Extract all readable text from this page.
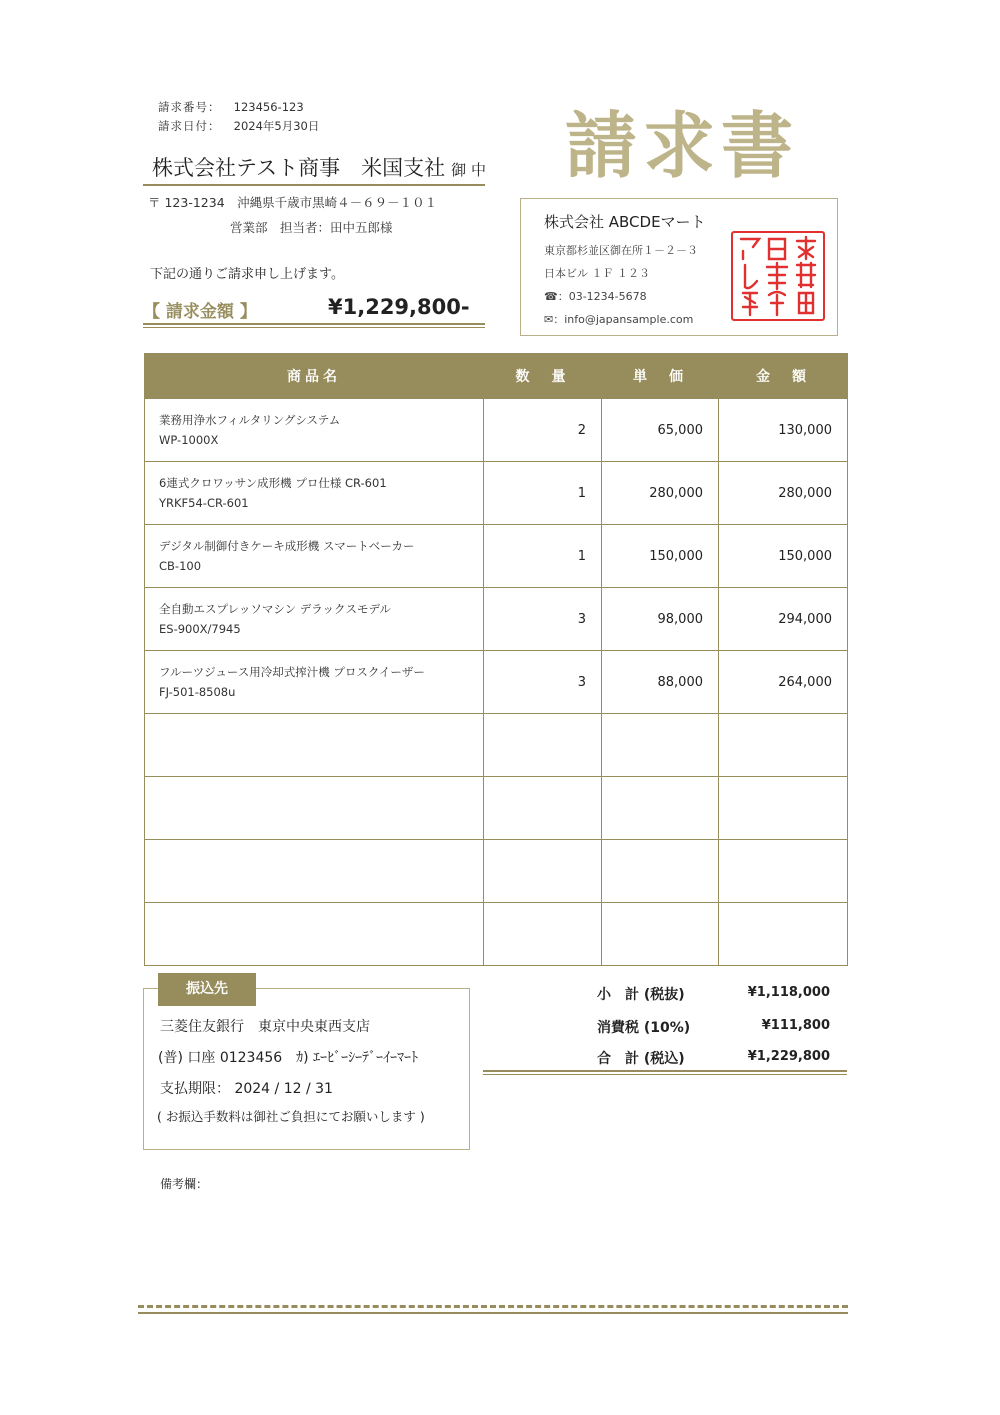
請求番号： 123456-123
請求日付： 2024年5月30日	請求書
株式会社テスト商事　米国支社 御 中
〒 123-1234　沖縄県千歳市黒崎４－６９－１０１
営業部　担当者：田中五郎様
下記の通りご請求申し上げます。
【 請求金額 】	¥1,229,800-
株式会社 ABCDEマート
東京都杉並区御在所１－２－３
日本ビル １Ｆ １２３
☎：03-1234-5678
✉：info@japansample.com
商品名	数　量	単　価	金　額

業務用浄水フィルタリングシステム
WP-1000X	2	65,000	130,000

6連式クロワッサン成形機 プロ仕様 CR-601
YRKF54-CR-601	1	280,000	280,000

デジタル制御付きケーキ成形機 スマートベーカー
CB-100	1	150,000	150,000

全自動エスプレッソマシン デラックスモデル
ES-900X/7945	3	98,000	294,000

フルーツジュース用冷却式搾汁機 プロスクイーザー
FJ-501-8508u	3	88,000	264,000

振込先
三菱住友銀行　東京中央東西支店
(普) 口座 0123456　ｶ) ｴｰﾋﾞｰｼｰﾃﾞｰｲｰﾏｰﾄ
支払期限： 2024 / 12 / 31
( お振込手数料は御社ご負担にてお願いします )
小　計 (税抜)	¥1,118,000
消費税 (10%)	¥111,800
合　計 (税込)	¥1,229,800
備考欄：
